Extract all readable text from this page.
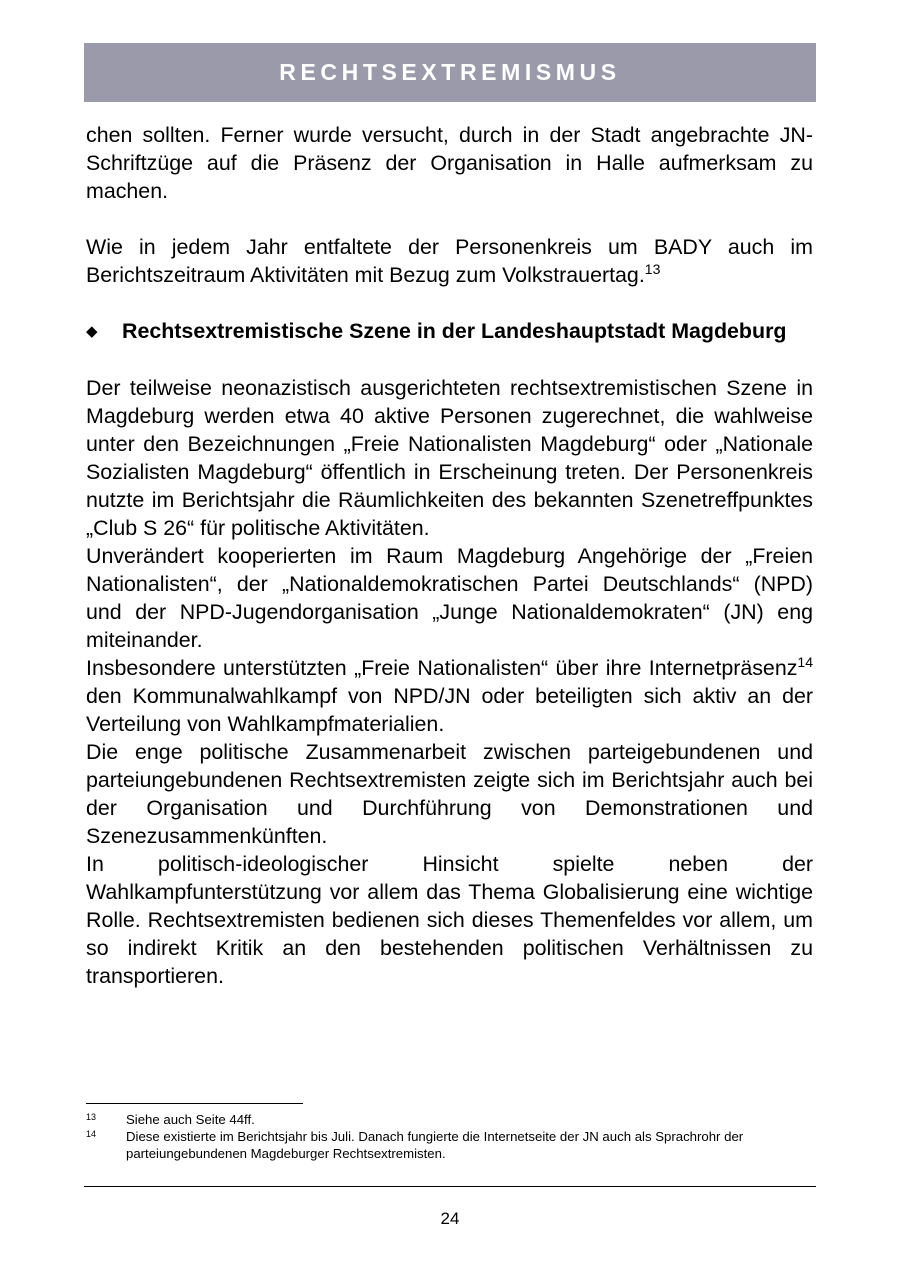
RECHTSEXTREMISMUS

chen sollten. Ferner wurde versucht, durch in der Stadt angebrachte JN-Schriftzüge auf die Präsenz der Organisation in Halle aufmerksam zu machen.

Wie in jedem Jahr entfaltete der Personenkreis um BADY auch im Berichtszeitraum Aktivitäten mit Bezug zum Volkstrauertag.$^{13}$

◆	Rechtsextremistische Szene in der Landeshauptstadt Magdeburg

Der teilweise neonazistisch ausgerichteten rechtsextremistischen Szene in Magdeburg werden etwa 40 aktive Personen zugerechnet, die wahlweise unter den Bezeichnungen „Freie Nationalisten Magdeburg“ oder „Nationale Sozialisten Magdeburg“ öffentlich in Erscheinung treten. Der Personenkreis nutzte im Berichtsjahr die Räumlichkeiten des bekannten Szenetreffpunktes „Club S 26“ für politische Aktivitäten.

Unverändert kooperierten im Raum Magdeburg Angehörige der „Freien Nationalisten“, der „Nationaldemokratischen Partei Deutschlands“ (NPD) und der NPD-Jugendorganisation „Junge Nationaldemokraten“ (JN) eng miteinander.

Insbesondere unterstützten „Freie Nationalisten“ über ihre Internetpräsenz$^{14}$ den Kommunalwahlkampf von NPD/JN oder beteiligten sich aktiv an der Verteilung von Wahlkampfmaterialien.

Die enge politische Zusammenarbeit zwischen parteigebundenen und parteiungebundenen Rechtsextremisten zeigte sich im Berichtsjahr auch bei der Organisation und Durchführung von Demonstrationen und Szenezusammenkünften.

In politisch-ideologischer Hinsicht spielte neben der Wahlkampfunterstützung vor allem das Thema Globalisierung eine wichtige Rolle. Rechtsextremisten bedienen sich dieses Themenfeldes vor allem, um so indirekt Kritik an den bestehenden politischen Verhältnissen zu transportieren.

13	Siehe auch Seite 44ff.
14	Diese existierte im Berichtsjahr bis Juli. Danach fungierte die Internetseite der JN auch als Sprachrohr der parteiungebundenen Magdeburger Rechtsextremisten.
24
